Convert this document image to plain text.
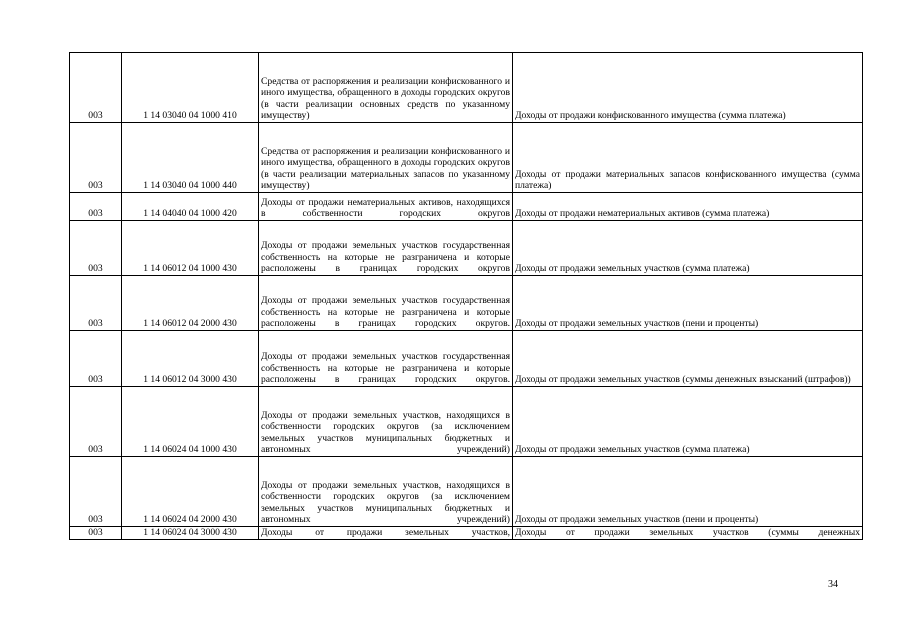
003	1 14 03040 04 1000 410	Средства от распоряжения и реализации конфискованного и иного имущества, обращенного в доходы городских округов (в части реализации основных средств по указанному имуществу)	Доходы от продажи конфискованного имущества (сумма платежа)
003	1 14 03040 04 1000 440	Средства от распоряжения и реализации конфискованного и иного имущества, обращенного в доходы городских округов (в части реализации материальных запасов по указанному имуществу)	Доходы от продажи материальных запасов конфискованного имущества (сумма платежа)
003	1 14 04040 04 1000 420	Доходы от продажи нематериальных активов, находящихся в собственности городских округов	Доходы от продажи нематериальных активов (сумма платежа)
003	1 14 06012 04 1000 430	Доходы от продажи земельных участков государственная собственность на которые не разграничена и которые расположены в границах городских округов	Доходы от продажи земельных участков (сумма платежа)
003	1 14 06012 04 2000 430	Доходы от продажи земельных участков государственная собственность на которые не разграничена и которые расположены в границах городских округов.	Доходы от продажи земельных участков (пени и проценты)
003	1 14 06012 04 3000 430	Доходы от продажи земельных участков государственная собственность на которые не разграничена и которые расположены в границах городских округов.	Доходы от продажи земельных участков (суммы денежных взысканий (штрафов))
003	1 14 06024 04 1000 430	Доходы от продажи земельных участков, находящихся в собственности городских округов (за исключением земельных участков муниципальных бюджетных и автономных учреждений)	Доходы от продажи земельных участков (сумма платежа)
003	1 14 06024 04 2000 430	Доходы от продажи земельных участков, находящихся в собственности городских округов (за исключением земельных участков муниципальных бюджетных и автономных учреждений)	Доходы от продажи земельных участков (пени и проценты)
003	1 14 06024 04 3000 430	Доходы от продажи земельных участков,	Доходы от продажи земельных участков (суммы денежных
34
